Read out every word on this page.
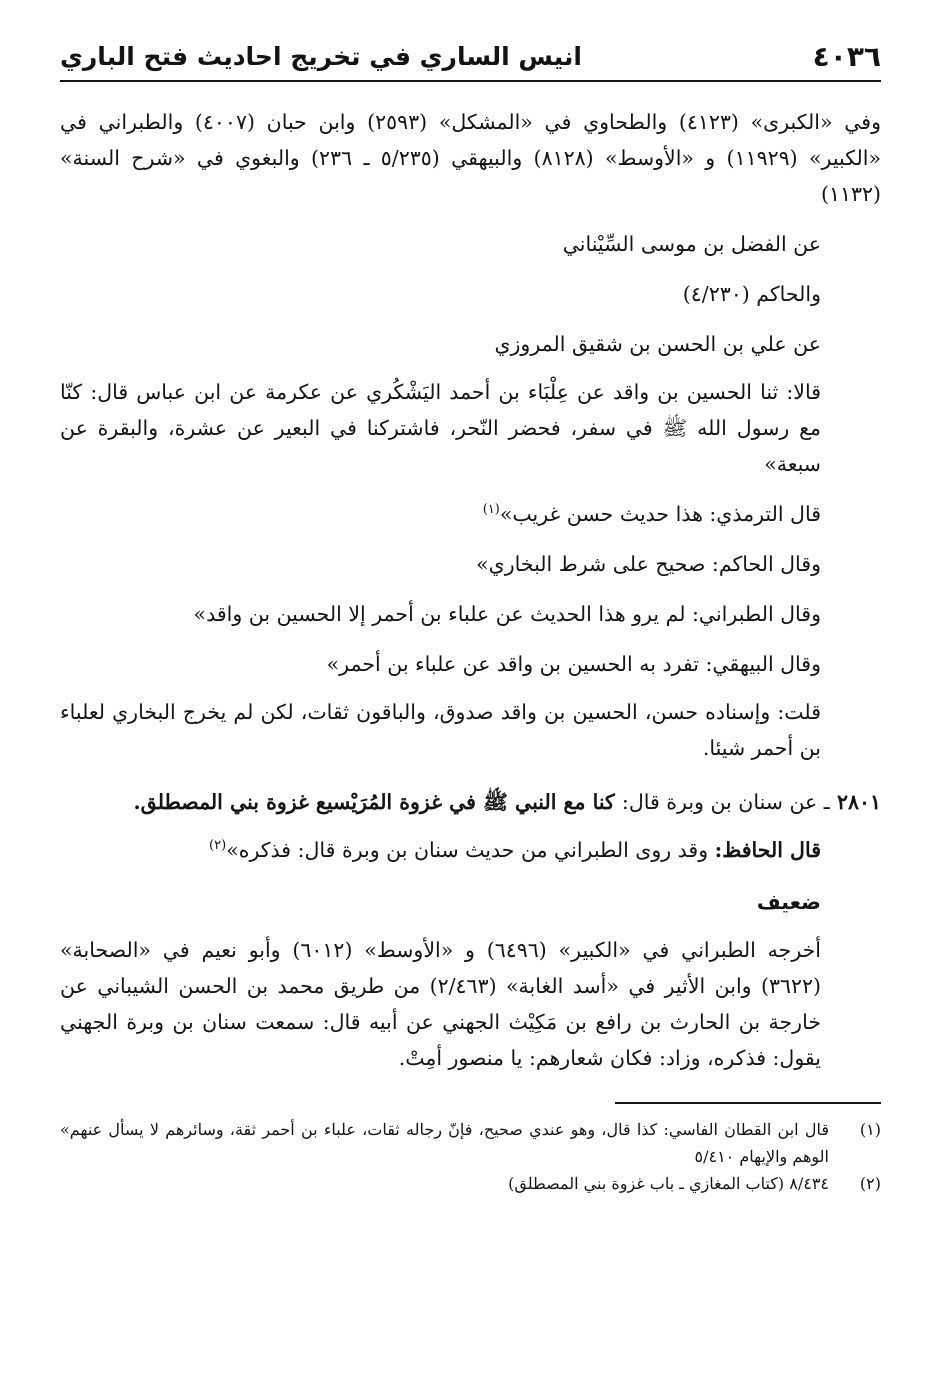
٤٠٣٦
انيس الساري في تخريج احاديث فتح الباري

وفي «الكبرى» (٤١٢٣) والطحاوي في «المشكل» (٢٥٩٣) وابن حبان (٤٠٠٧) والطبراني في «الكبير» (١١٩٢٩) و «الأوسط» (٨١٢٨) والبيهقي (٥/٢٣٥ ـ ٢٣٦) والبغوي في «شرح السنة» (١١٣٢)

عن الفضل بن موسى السِّيْناني

والحاكم (٤/٢٣٠)

عن علي بن الحسن بن شقيق المروزي

قالا: ثنا الحسين بن واقد عن عِلْبَاء بن أحمد اليَشْكُري عن عكرمة عن ابن عباس قال: كنّا مع رسول الله ﷺ في سفر، فحضر النّحر، فاشتركنا في البعير عن عشرة، والبقرة عن سبعة»

قال الترمذي: هذا حديث حسن غريب»$^{(١)}$

وقال الحاكم: صحيح على شرط البخاري»

وقال الطبراني: لم يرو هذا الحديث عن علباء بن أحمر إلا الحسين بن واقد»

وقال البيهقي: تفرد به الحسين بن واقد عن علباء بن أحمر»

قلت: وإسناده حسن، الحسين بن واقد صدوق، والباقون ثقات، لكن لم يخرج البخاري لعلباء بن أحمر شيئا.

٢٨٠١ ـ عن سنان بن وبرة قال: كنا مع النبي ﷺ في غزوة المُرَيْسيع غزوة بني المصطلق.

قال الحافظ: وقد روى الطبراني من حديث سنان بن وبرة قال: فذكره»$^{(٢)}$

ضعيف

أخرجه الطبراني في «الكبير» (٦٤٩٦) و «الأوسط» (٦٠١٢) وأبو نعيم في «الصحابة» (٣٦٢٢) وابن الأثير في «أسد الغابة» (٢/٤٦٣) من طريق محمد بن الحسن الشيباني عن خارجة بن الحارث بن رافع بن مَكِيْث الجهني عن أبيه قال: سمعت سنان بن وبرة الجهني يقول: فذكره، وزاد: فكان شعارهم: يا منصور أمِتْ.

(١)
قال ابن القطان الفاسي: كذا قال، وهو عندي صحيح، فإنّ رجاله ثقات، علباء بن أحمر ثقة، وسائرهم لا يسأل عنهم» الوهم والإيهام ٥/٤١٠
(٢)
٨/٤٣٤ (كتاب المغازي ـ باب غزوة بني المصطلق)
